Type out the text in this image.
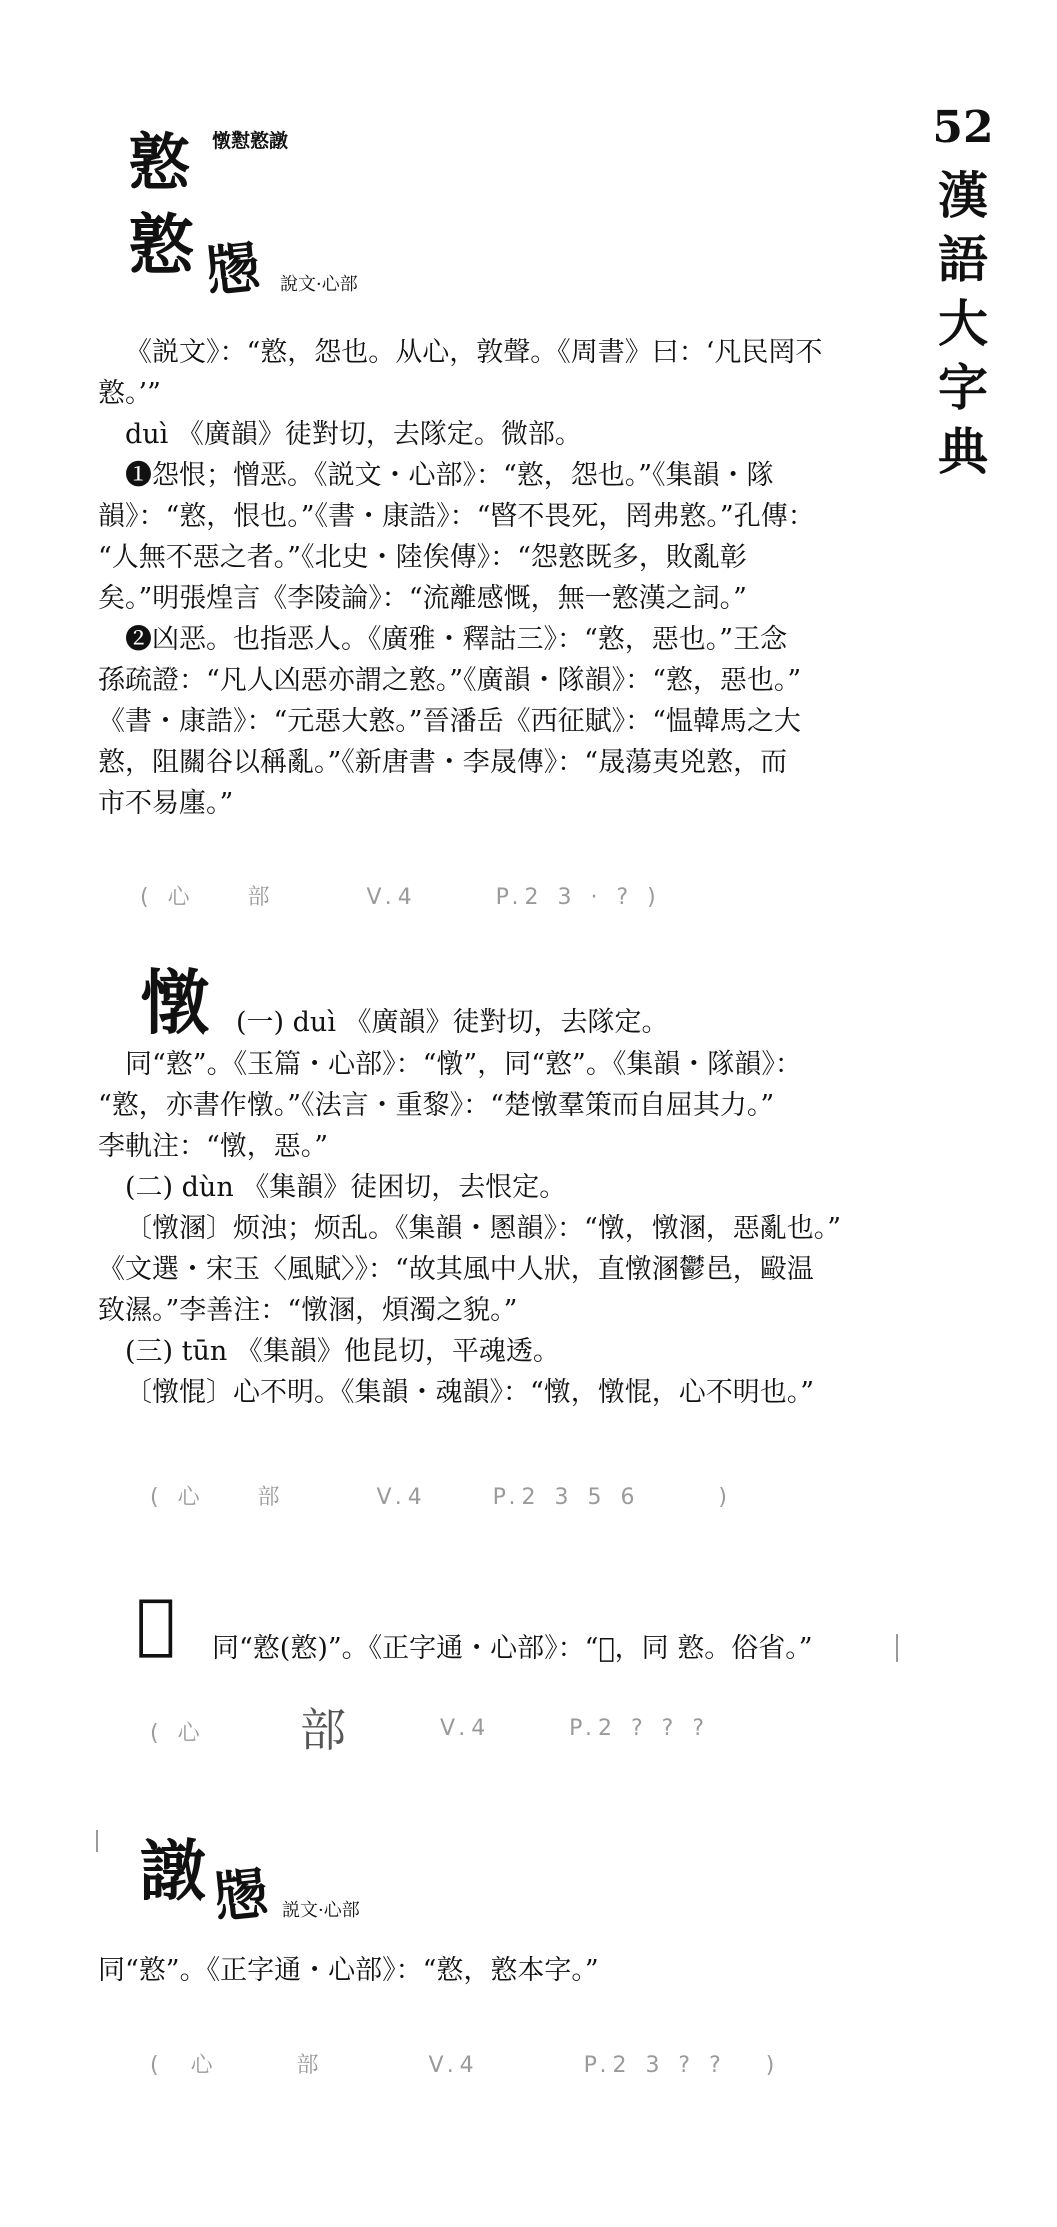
52
漢
語
大
字
典
憝 憞懟憝譈
憝 𢡕 說文·心部
《説文》：“憝，怨也。从心，敦聲。《周書》曰：‘凡民罔不
憝。’”
duì 《廣韻》徒對切，去隊定。微部。
❶怨恨；憎恶。《説文・心部》：“憝，怨也。”《集韻・隊
韻》：“憝，恨也。”《書・康誥》：“暋不畏死，罔弗憝。”孔傳：
“人無不惡之者。”《北史・陸俟傳》：“怨憝既多，敗亂彰
矣。”明張煌言《李陵論》：“流離感慨，無一憝漢之詞。”
❷凶恶。也指恶人。《廣雅・釋詁三》：“憝，惡也。”王念
孫疏證：“凡人凶惡亦謂之憝。”《廣韻・隊韻》：“憝，惡也。”
《書・康誥》：“元惡大憝。”晉潘岳《西征賦》：“愠韓馬之大
憝，阻關谷以稱亂。”《新唐書・李晟傳》：“晟蕩夷兇憝，而
市不易廛。”
( 心    部       V.4      P.2 3 · ? )
憞 (一) duì 《廣韻》徒對切，去隊定。
同“憝”。《玉篇・心部》：“憞”，同“憝”。《集韻・隊韻》：
“憝，亦書作憞。”《法言・重黎》：“楚憞羣策而自屈其力。”
李軌注：“憞，惡。”
(二) dùn 《集韻》徒困切，去恨定。
〔憞溷〕烦浊；烦乱。《集韻・慁韻》：“憞，憞溷，惡亂也。”
《文選・宋玉〈風賦〉》：“故其風中人狀，直憞溷鬱邑，毆温
致濕。”李善注：“憞溷，煩濁之貌。”
(三) tūn 《集韻》他昆切，平魂透。
〔憞惃〕心不明。《集韻・魂韻》：“憞，憞惃，心不明也。”
( 心    部       V.4     P.2 3 5 6      )
𢥢 同“憝(憝)”。《正字通・心部》：“𢥢，同 憝。俗省。”
( 心 部	V.4      P.2 ? ? ?
譈 𢡕 説文·心部
同“憝”。《正字通・心部》：“憝，憝本字。”
(  心      部        V.4        P.2 3 ? ?   )
